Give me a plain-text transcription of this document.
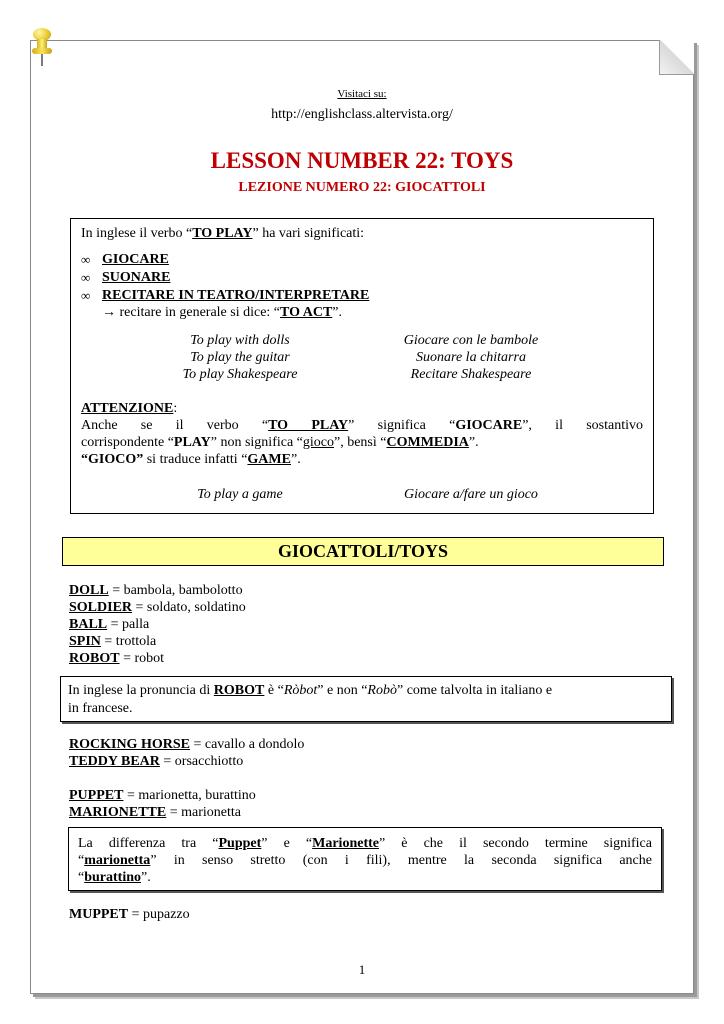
Visitaci su:
http://englishclass.altervista.org/
LESSON NUMBER 22: TOYS
LEZIONE NUMERO 22: GIOCATTOLI
In inglese il verbo “TO PLAY” ha vari significati:
∞ GIOCARE
∞ SUONARE
∞ RECITARE IN TEATRO/INTERPRETARE
→ recitare in generale si dice: “TO ACT”.
To play with dolls	Giocare con le bambole
To play the guitar	Suonare la chitarra
To play Shakespeare	Recitare Shakespeare
ATTENZIONE:
Anche se il verbo “TO PLAY” significa “GIOCARE”, il sostantivo
corrispondente “PLAY” non significa “gioco”, bensì “COMMEDIA”.
“GIOCO” si traduce infatti “GAME”.
To play a game	Giocare a/fare un gioco
GIOCATTOLI/TOYS
DOLL = bambola, bambolotto
SOLDIER = soldato, soldatino
BALL = palla
SPIN = trottola
ROBOT = robot
In inglese la pronuncia di ROBOT è “Ròbot” e non “Robò” come talvolta in italiano e
in francese.
ROCKING HORSE = cavallo a dondolo
TEDDY BEAR = orsacchiotto
PUPPET = marionetta, burattino
MARIONETTE = marionetta
La differenza tra “Puppet” e “Marionette” è che il secondo termine significa
“marionetta” in senso stretto (con i fili), mentre la seconda significa anche
“burattino”.
MUPPET = pupazzo
1
